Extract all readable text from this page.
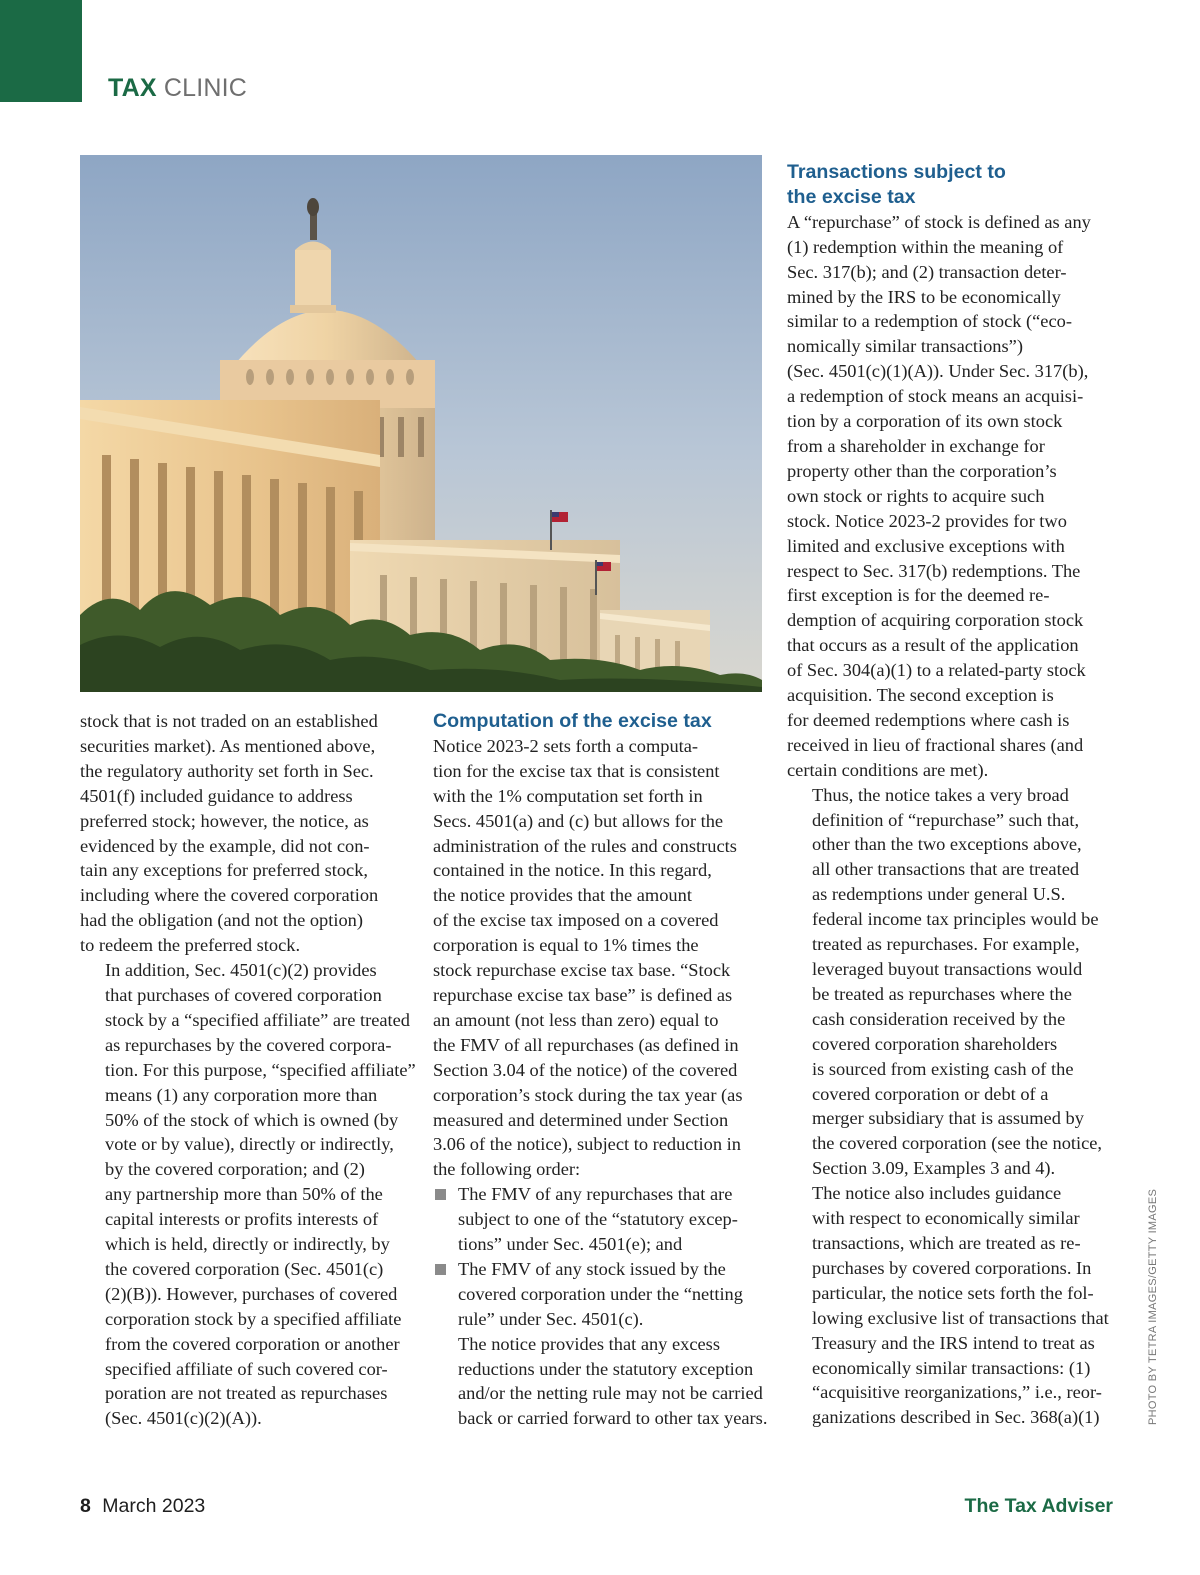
TAX CLINIC

stock that is not traded on an established
securities market). As mentioned above,
the regulatory authority set forth in Sec.
4501(f) included guidance to address
preferred stock; however, the notice, as
evidenced by the example, did not con-
tain any exceptions for preferred stock,
including where the covered corporation
had the obligation (and not the option)
to redeem the preferred stock.

In addition, Sec. 4501(c)(2) provides
that purchases of covered corporation
stock by a “specified affiliate” are treated
as repurchases by the covered corpora-
tion. For this purpose, “specified affiliate”
means (1) any corporation more than
50% of the stock of which is owned (by
vote or by value), directly or indirectly,
by the covered corporation; and (2)
any partnership more than 50% of the
capital interests or profits interests of
which is held, directly or indirectly, by
the covered corporation (Sec. 4501(c)
(2)(B)). However, purchases of covered
corporation stock by a specified affiliate
from the covered corporation or another
specified affiliate of such covered cor-
poration are not treated as repurchases
(Sec. 4501(c)(2)(A)).

Computation of the excise tax

Notice 2023-2 sets forth a computa-
tion for the excise tax that is consistent
with the 1% computation set forth in
Secs. 4501(a) and (c) but allows for the
administration of the rules and constructs
contained in the notice. In this regard,
the notice provides that the amount
of the excise tax imposed on a covered
corporation is equal to 1% times the
stock repurchase excise tax base. “Stock
repurchase excise tax base” is defined as
an amount (not less than zero) equal to
the FMV of all repurchases (as defined in
Section 3.04 of the notice) of the covered
corporation’s stock during the tax year (as
measured and determined under Section
3.06 of the notice), subject to reduction in
the following order:

The FMV of any repurchases that are
subject to one of the “statutory excep-
tions” under Sec. 4501(e); and
The FMV of any stock issued by the
covered corporation under the “netting
rule” under Sec. 4501(c).

The notice provides that any excess
reductions under the statutory exception
and/or the netting rule may not be carried
back or carried forward to other tax years.

Transactions subject to
the excise tax

A “repurchase” of stock is defined as any
(1) redemption within the meaning of
Sec. 317(b); and (2) transaction deter-
mined by the IRS to be economically
similar to a redemption of stock (“eco-
nomically similar transactions”)
(Sec. 4501(c)(1)(A)). Under Sec. 317(b),
a redemption of stock means an acquisi-
tion by a corporation of its own stock
from a shareholder in exchange for
property other than the corporation’s
own stock or rights to acquire such
stock. Notice 2023-2 provides for two
limited and exclusive exceptions with
respect to Sec. 317(b) redemptions. The
first exception is for the deemed re-
demption of acquiring corporation stock
that occurs as a result of the application
of Sec. 304(a)(1) to a related-party stock
acquisition. The second exception is
for deemed redemptions where cash is
received in lieu of fractional shares (and
certain conditions are met).

Thus, the notice takes a very broad
definition of “repurchase” such that,
other than the two exceptions above,
all other transactions that are treated
as redemptions under general U.S.
federal income tax principles would be
treated as repurchases. For example,
leveraged buyout transactions would
be treated as repurchases where the
cash consideration received by the
covered corporation shareholders
is sourced from existing cash of the
covered corporation or debt of a
merger subsidiary that is assumed by
the covered corporation (see the notice,
Section 3.09, Examples 3 and 4).

The notice also includes guidance
with respect to economically similar
transactions, which are treated as re-
purchases by covered corporations. In
particular, the notice sets forth the fol-
lowing exclusive list of transactions that
Treasury and the IRS intend to treat as
economically similar transactions: (1)
“acquisitive reorganizations,” i.e., reor-
ganizations described in Sec. 368(a)(1)	PHOTO BY TETRA IMAGES/GETTY IMAGES
8 March 2023	The Tax Adviser
